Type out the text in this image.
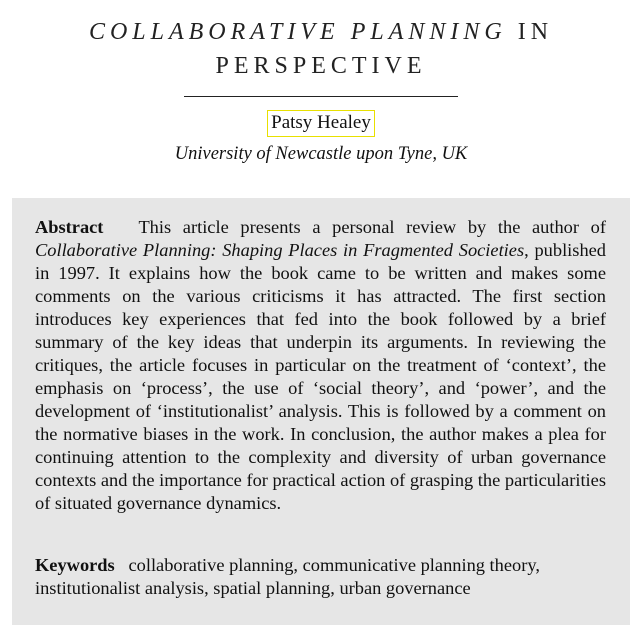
COLLABORATIVE PLANNING IN
PERSPECTIVE
Patsy Healey
University of Newcastle upon Tyne, UK
Abstract This article presents a personal review by the author of Collaborative Planning: Shaping Places in Fragmented Societies, published in 1997. It explains how the book came to be written and makes some comments on the various criticisms it has attracted. The first section introduces key experiences that fed into the book followed by a brief summary of the key ideas that underpin its arguments. In reviewing the critiques, the article focuses in particular on the treatment of ‘context’, the emphasis on ‘process’, the use of ‘social theory’, and ‘power’, and the development of ‘institutionalist’ analysis. This is followed by a comment on the normative biases in the work. In conclusion, the author makes a plea for continuing attention to the complexity and diversity of urban governance contexts and the importance for practical action of grasping the particularities of situated governance dynamics.
Keywords collaborative planning, communicative planning theory, institutionalist analysis, spatial planning, urban governance
